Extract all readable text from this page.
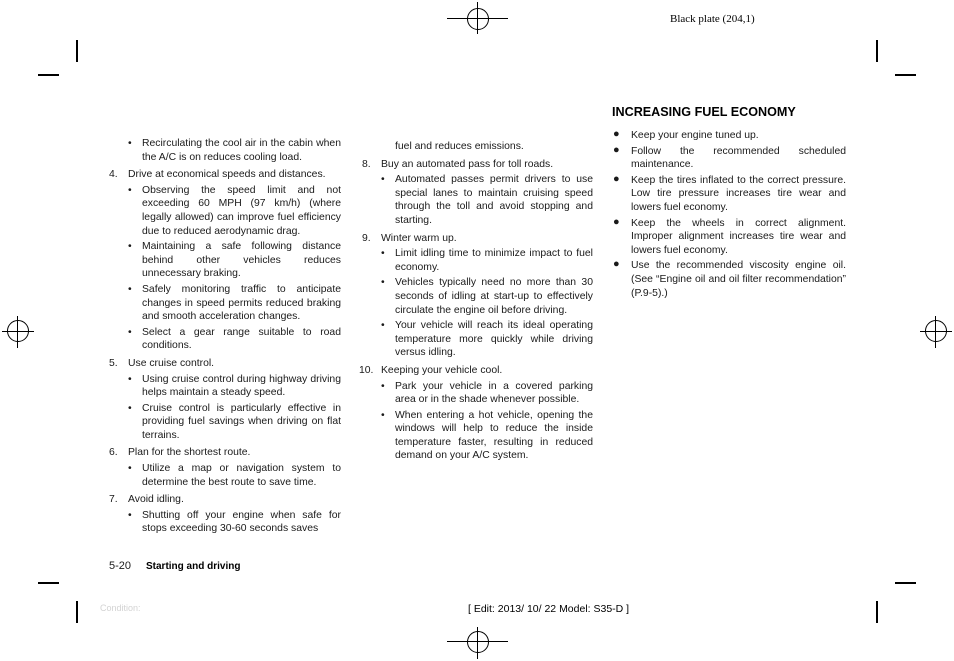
Black plate (204,1)
• Recirculating the cool air in the cabin when the A/C is on reduces cooling load.
4. Drive at economical speeds and distances.
• Observing the speed limit and not exceeding 60 MPH (97 km/h) (where legally allowed) can improve fuel efficiency due to reduced aerodynamic drag.
• Maintaining a safe following distance behind other vehicles reduces unnecessary braking.
• Safely monitoring traffic to anticipate changes in speed permits reduced braking and smooth acceleration changes.
• Select a gear range suitable to road conditions.
5. Use cruise control.
• Using cruise control during highway driving helps maintain a steady speed.
• Cruise control is particularly effective in providing fuel savings when driving on flat terrains.
6. Plan for the shortest route.
• Utilize a map or navigation system to determine the best route to save time.
7. Avoid idling.
• Shutting off your engine when safe for stops exceeding 30-60 seconds saves
fuel and reduces emissions.
8. Buy an automated pass for toll roads.
• Automated passes permit drivers to use special lanes to maintain cruising speed through the toll and avoid stopping and starting.
9. Winter warm up.
• Limit idling time to minimize impact to fuel economy.
• Vehicles typically need no more than 30 seconds of idling at start-up to effectively circulate the engine oil before driving.
• Your vehicle will reach its ideal operating temperature more quickly while driving versus idling.
10. Keeping your vehicle cool.
• Park your vehicle in a covered parking area or in the shade whenever possible.
• When entering a hot vehicle, opening the windows will help to reduce the inside temperature faster, resulting in reduced demand on your A/C system.
INCREASING FUEL ECONOMY
● Keep your engine tuned up.
● Follow the recommended scheduled maintenance.
● Keep the tires inflated to the correct pressure. Low tire pressure increases tire wear and lowers fuel economy.
● Keep the wheels in correct alignment. Improper alignment increases tire wear and lowers fuel economy.
● Use the recommended viscosity engine oil. (See “Engine oil and oil filter recommendation” (P.9-5).)
5-20 Starting and driving
Condition:	[ Edit: 2013/ 10/ 22 Model: S35-D ]
